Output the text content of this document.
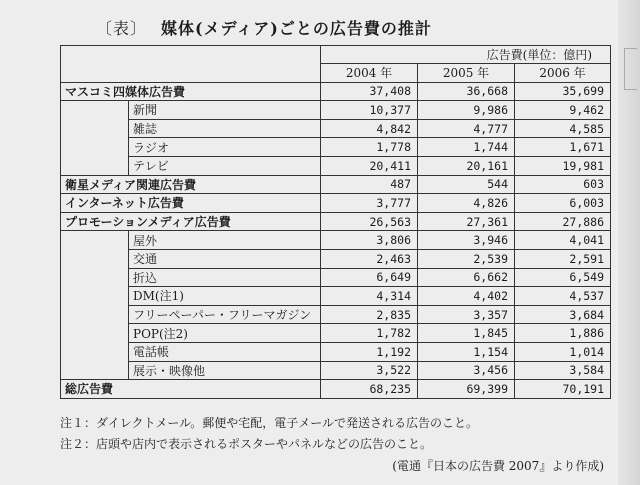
〔表〕 媒体(メディア)ごとの広告費の推計
		広告費(単位：億円)		
		2004 年	2005 年	2006 年
マスコミ四媒体広告費		37,408	36,668	35,699
	新聞	10,377	9,986	9,462
	雑誌	4,842	4,777	4,585
	ラジオ	1,778	1,744	1,671
	テレビ	20,411	20,161	19,981
衛星メディア関連広告費		487	544	603
インターネット広告費		3,777	4,826	6,003
プロモーションメディア広告費		26,563	27,361	27,886
	屋外	3,806	3,946	4,041
	交通	2,463	2,539	2,591
	折込	6,649	6,662	6,549
	DM(注1)	4,314	4,402	4,537
	フリーペーパー・フリーマガジン	2,835	3,357	3,684
	POP(注2)	1,782	1,845	1,886
	電話帳	1,192	1,154	1,014
	展示・映像他	3,522	3,456	3,584
総広告費		68,235	69,399	70,191
注１：ダイレクトメール。郵便や宅配，電子メールで発送される広告のこと。
注２：店頭や店内で表示されるポスターやパネルなどの広告のこと。
(電通『日本の広告費 2007』より作成)
